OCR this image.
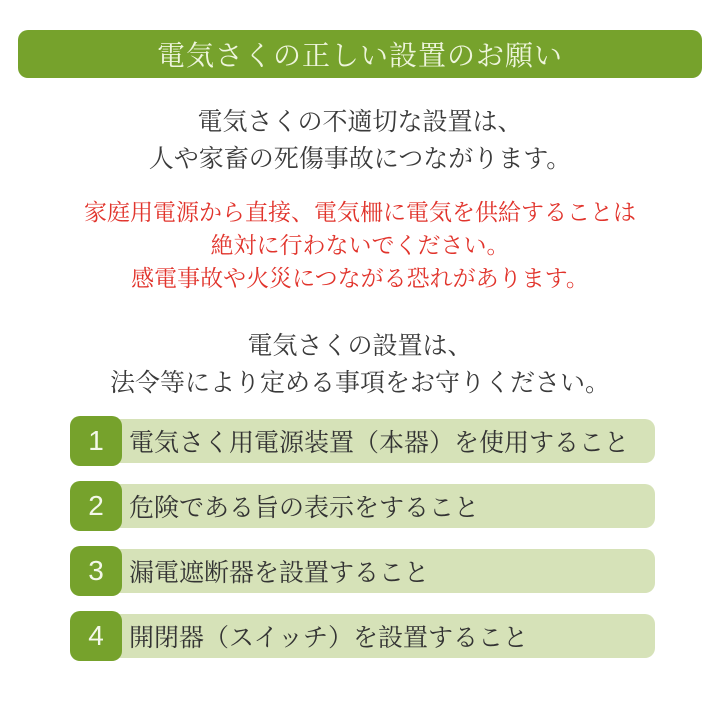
電気さくの正しい設置のお願い
電気さくの不適切な設置は、
人や家畜の死傷事故につながります。
家庭用電源から直接、電気柵に電気を供給することは
絶対に行わないでください。
感電事故や火災につながる恐れがあります。
電気さくの設置は、
法令等により定める事項をお守りください。
1	電気さく用電源装置（本器）を使用すること
2	危険である旨の表示をすること
3	漏電遮断器を設置すること
4	開閉器（スイッチ）を設置すること
